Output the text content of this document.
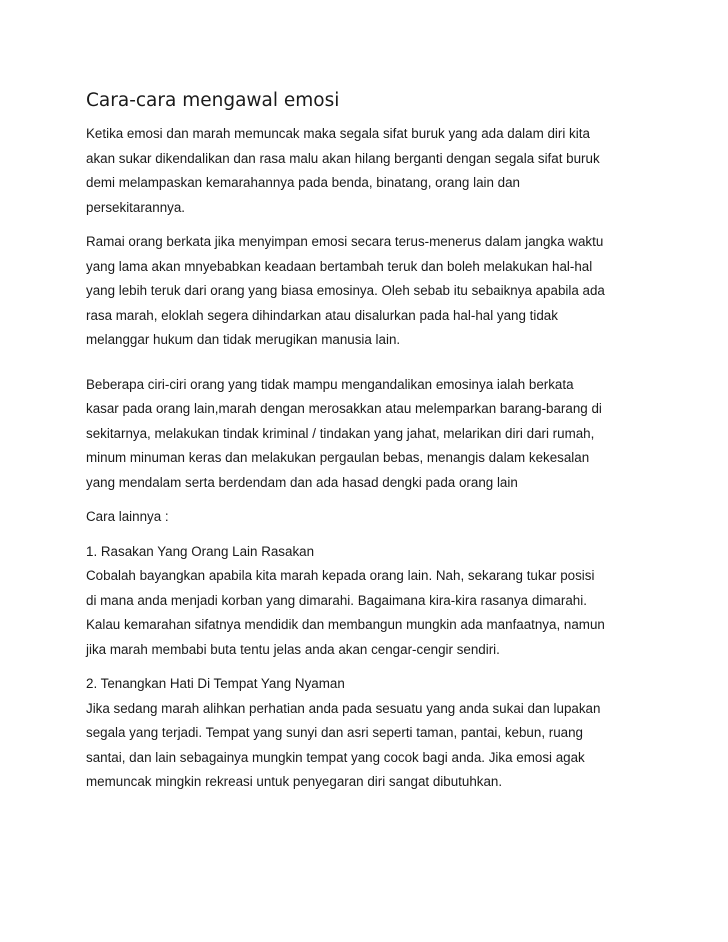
Cara-cara mengawal emosi
Ketika emosi dan marah memuncak maka segala sifat buruk yang ada dalam diri kita
akan sukar dikendalikan dan rasa malu akan hilang berganti dengan segala sifat buruk
demi melampaskan kemarahannya pada benda, binatang, orang lain dan
persekitarannya.
Ramai orang berkata jika menyimpan emosi secara terus-menerus dalam jangka waktu
yang lama akan mnyebabkan keadaan bertambah teruk dan boleh melakukan hal-hal
yang lebih teruk dari orang yang biasa emosinya. Oleh sebab itu sebaiknya apabila ada
rasa marah, eloklah segera dihindarkan atau disalurkan pada hal-hal yang tidak
melanggar hukum dan tidak merugikan manusia lain.
Beberapa ciri-ciri orang yang tidak mampu mengandalikan emosinya ialah berkata
kasar pada orang lain,marah dengan merosakkan atau melemparkan barang-barang di
sekitarnya, melakukan tindak kriminal / tindakan yang jahat, melarikan diri dari rumah,
minum minuman keras dan melakukan pergaulan bebas, menangis dalam kekesalan
yang mendalam serta berdendam dan ada hasad dengki pada orang lain
Cara lainnya :
1. Rasakan Yang Orang Lain Rasakan
Cobalah bayangkan apabila kita marah kepada orang lain. Nah, sekarang tukar posisi
di mana anda menjadi korban yang dimarahi. Bagaimana kira-kira rasanya dimarahi.
Kalau kemarahan sifatnya mendidik dan membangun mungkin ada manfaatnya, namun
jika marah membabi buta tentu jelas anda akan cengar-cengir sendiri.
2. Tenangkan Hati Di Tempat Yang Nyaman
Jika sedang marah alihkan perhatian anda pada sesuatu yang anda sukai dan lupakan
segala yang terjadi. Tempat yang sunyi dan asri seperti taman, pantai, kebun, ruang
santai, dan lain sebagainya mungkin tempat yang cocok bagi anda. Jika emosi agak
memuncak mingkin rekreasi untuk penyegaran diri sangat dibutuhkan.
